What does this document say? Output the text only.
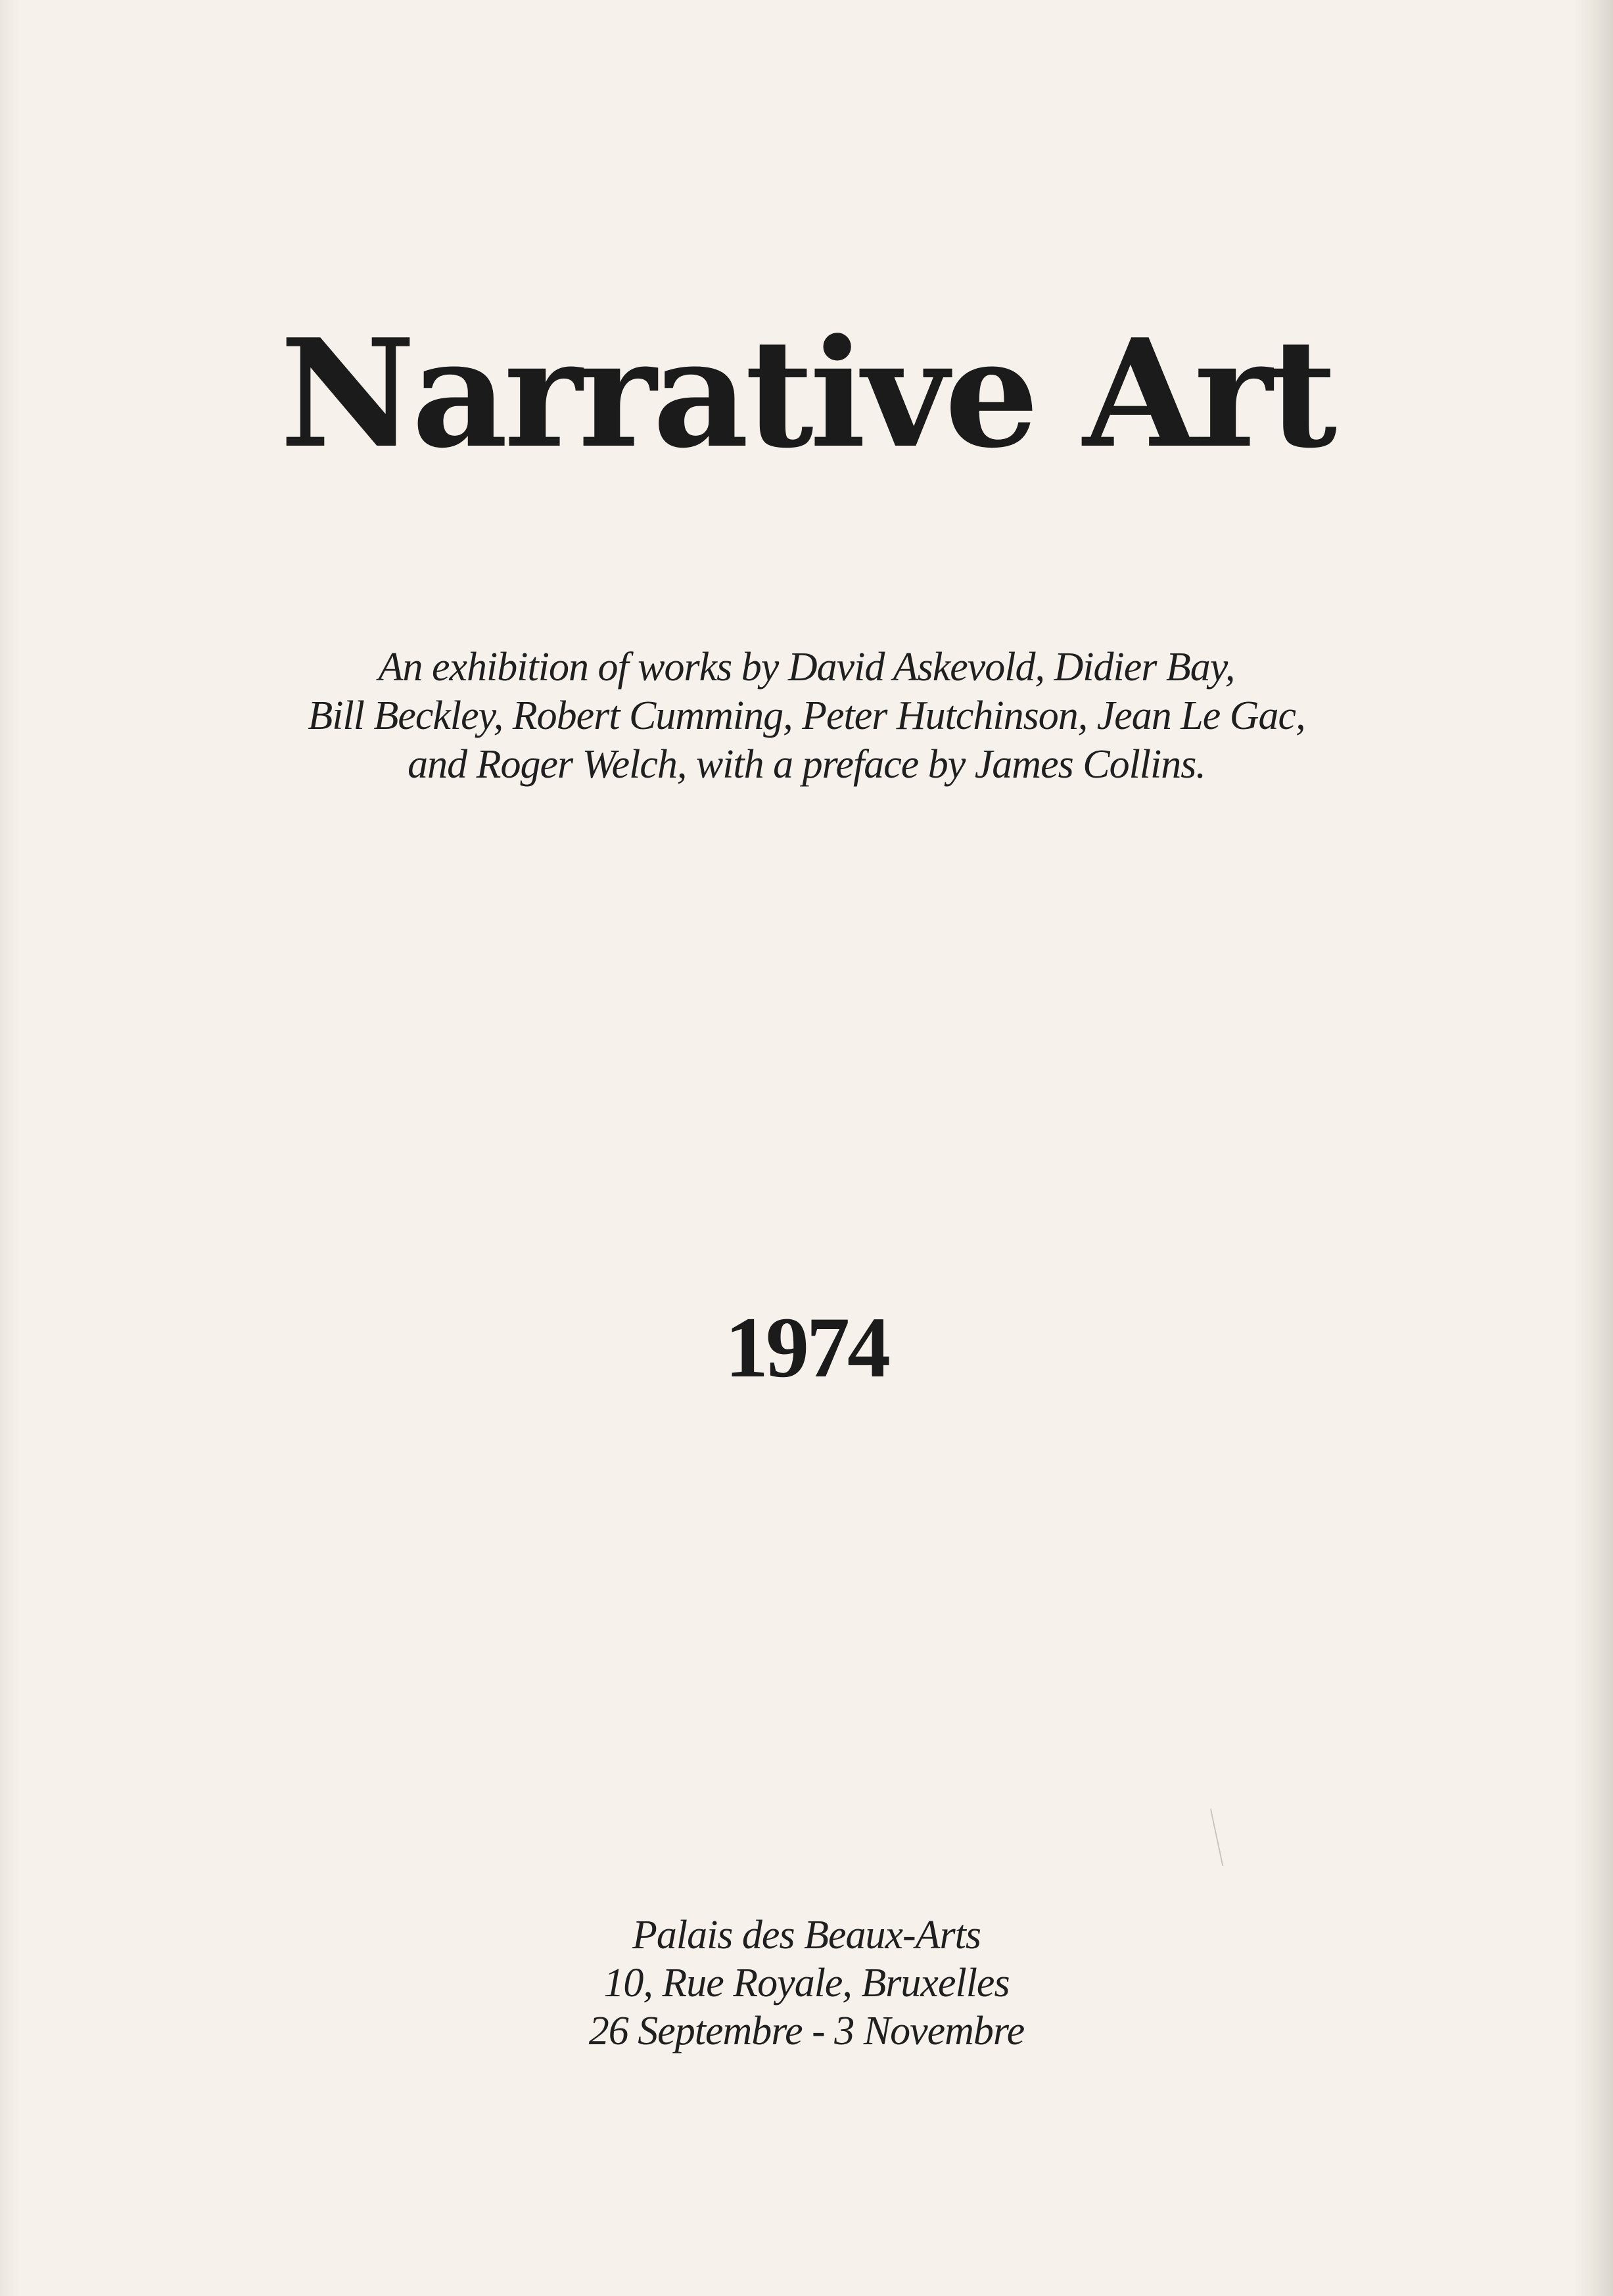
Narrative Art
An exhibition of works by David Askevold, Didier Bay,
Bill Beckley, Robert Cumming, Peter Hutchinson, Jean Le Gac,
and Roger Welch, with a preface by James Collins.
1974
Palais des Beaux-Arts
10, Rue Royale, Bruxelles
26 Septembre - 3 Novembre
